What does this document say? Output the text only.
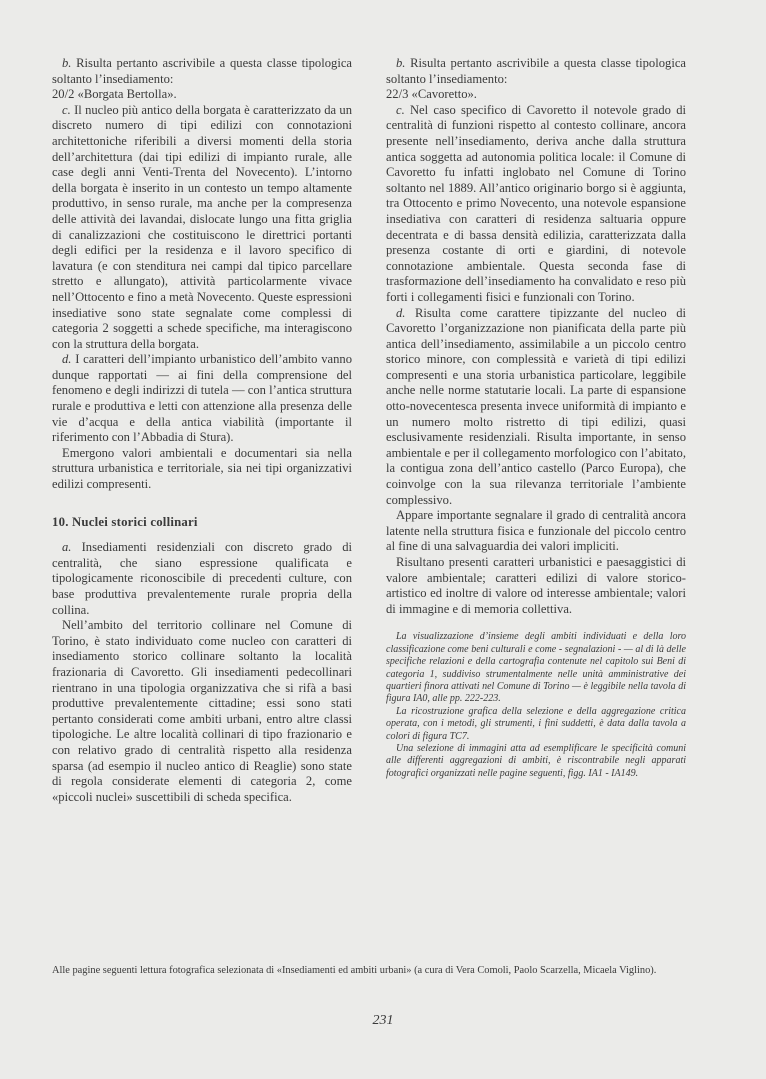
b. Risulta pertanto ascrivibile a questa classe tipologica soltanto l’insediamento:

20/2 «Borgata Bertolla».

c. Il nucleo più antico della borgata è caratterizzato da un discreto numero di tipi edilizi con connotazioni architettoniche riferibili a diversi momenti della storia dell’architettura (dai tipi edilizi di impianto rurale, alle case degli anni Venti-Trenta del Novecento). L’intorno della borgata è inserito in un contesto un tempo altamente produttivo, in senso rurale, ma anche per la compresenza delle attività dei lavandai, dislocate lungo una fitta griglia di canalizzazioni che costituiscono le direttrici portanti degli edifici per la residenza e il lavoro specifico di lavatura (e con stenditura nei campi dal tipico parcellare stretto e allungato), attività particolarmente vivace nell’Ottocento e fino a metà Novecento. Queste espressioni insediative sono state segnalate come complessi di categoria 2 soggetti a schede specifiche, ma interagiscono con la struttura della borgata.

d. I caratteri dell’impianto urbanistico dell’ambito vanno dunque rapportati — ai fini della comprensione del fenomeno e degli indirizzi di tutela — con l’antica struttura rurale e produttiva e letti con attenzione alla presenza delle vie d’acqua e della antica viabilità (importante il riferimento con l’Abbadia di Stura).

Emergono valori ambientali e documentari sia nella struttura urbanistica e territoriale, sia nei tipi organizzativi edilizi compresenti.

10. Nuclei storici collinari

a. Insediamenti residenziali con discreto grado di centralità, che siano espressione qualificata e tipologicamente riconoscibile di precedenti culture, con base produttiva prevalentemente rurale propria della collina.

Nell’ambito del territorio collinare nel Comune di Torino, è stato individuato come nucleo con caratteri di insediamento storico collinare soltanto la località frazionaria di Cavoretto. Gli insediamenti pedecollinari rientrano in una tipologia organizzativa che si rifà a basi produttive prevalentemente cittadine; essi sono stati pertanto considerati come ambiti urbani, entro altre classi tipologiche. Le altre località collinari di tipo frazionario e con relativo grado di centralità rispetto alla residenza sparsa (ad esempio il nucleo antico di Reaglie) sono state di regola considerate elementi di categoria 2, come «piccoli nuclei» suscettibili di scheda specifica.

b. Risulta pertanto ascrivibile a questa classe tipologica soltanto l’insediamento:

22/3 «Cavoretto».

c. Nel caso specifico di Cavoretto il notevole grado di centralità di funzioni rispetto al contesto collinare, ancora presente nell’insediamento, deriva anche dalla struttura antica soggetta ad autonomia politica locale: il Comune di Cavoretto fu infatti inglobato nel Comune di Torino soltanto nel 1889. All’antico originario borgo si è aggiunta, tra Ottocento e primo Novecento, una notevole espansione insediativa con caratteri di residenza saltuaria oppure decentrata e di bassa densità edilizia, caratterizzata dalla presenza costante di orti e giardini, di notevole connotazione ambientale. Questa seconda fase di trasformazione dell’insediamento ha convalidato e reso più forti i collegamenti fisici e funzionali con Torino.

d. Risulta come carattere tipizzante del nucleo di Cavoretto l’organizzazione non pianificata della parte più antica dell’insediamento, assimilabile a un piccolo centro storico minore, con complessità e varietà di tipi edilizi compresenti e una storia urbanistica particolare, leggibile anche nelle norme statutarie locali. La parte di espansione otto-novecentesca presenta invece uniformità di impianto e un numero molto ristretto di tipi edilizi, quasi esclusivamente residenziali. Risulta importante, in senso ambientale e per il collegamento morfologico con l’abitato, la contigua zona dell’antico castello (Parco Europa), che coinvolge con la sua rilevanza territoriale l’ambiente complessivo.

Appare importante segnalare il grado di centralità ancora latente nella struttura fisica e funzionale del piccolo centro al fine di una salvaguardia dei valori impliciti.

Risultano presenti caratteri urbanistici e paesaggistici di valore ambientale; caratteri edilizi di valore storico-artistico ed inoltre di valore od interesse ambientale; valori di immagine e di memoria collettiva.

La visualizzazione d’insieme degli ambiti individuati e della loro classificazione come beni culturali e come - segnalazioni - — al di là delle specifiche relazioni e della cartografia contenute nel capitolo sui Beni di categoria 1, suddiviso strumentalmente nelle unità amministrative dei quartieri finora attivati nel Comune di Torino — è leggibile nella tavola di figura IA0, alle pp. 222-223.

La ricostruzione grafica della selezione e della aggregazione critica operata, con i metodi, gli strumenti, i fini suddetti, è data dalla tavola a colori di figura TC7.

Una selezione di immagini atta ad esemplificare le specificità comuni alle differenti aggregazioni di ambiti, è riscontrabile negli apparati fotografici organizzati nelle pagine seguenti, figg. IA1 - IA149.

Alle pagine seguenti lettura fotografica selezionata di «Insediamenti ed ambiti urbani» (a cura di Vera Comoli, Paolo Scarzella, Micaela Viglino).
231
